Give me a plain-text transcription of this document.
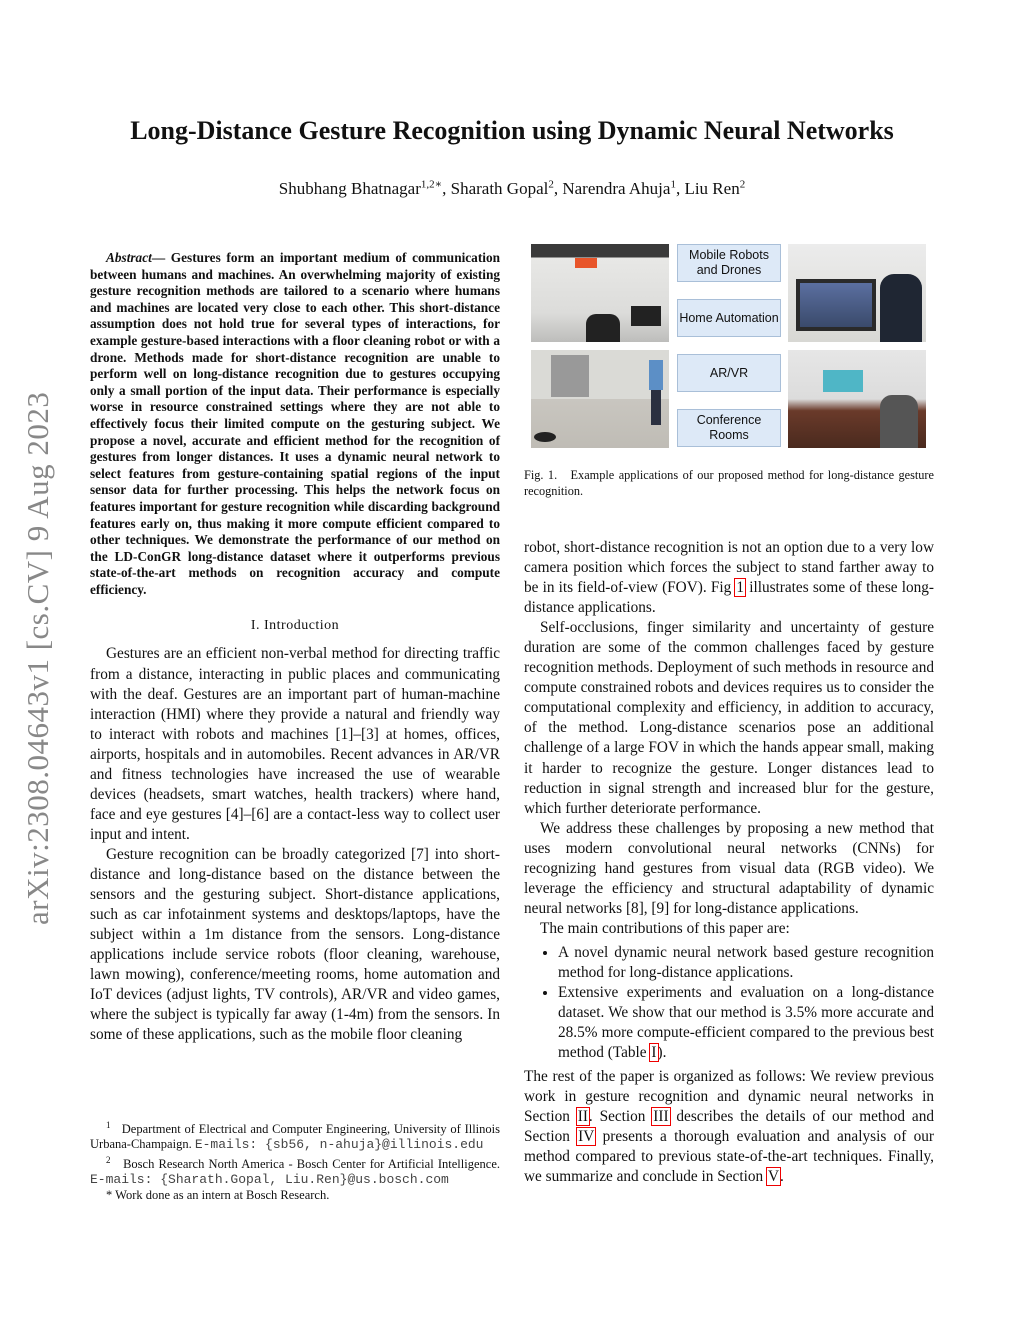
Long-Distance Gesture Recognition using Dynamic Neural Networks
Shubhang Bhatnagar$^{1,2∗}$, Sharath Gopal$^2$, Narendra Ahuja$^1$, Liu Ren$^2$
arXiv:2308.04643v1 [cs.CV] 9 Aug 2023

Abstract— Gestures form an important medium of communication between humans and machines. An overwhelming majority of existing gesture recognition methods are tailored to a scenario where humans and machines are located very close to each other. This short-distance assumption does not hold true for several types of interactions, for example gesture-based interactions with a floor cleaning robot or with a drone. Methods made for short-distance recognition are unable to perform well on long-distance recognition due to gestures occupying only a small portion of the input data. Their performance is especially worse in resource constrained settings where they are not able to effectively focus their limited compute on the gesturing subject. We propose a novel, accurate and efficient method for the recognition of gestures from longer distances. It uses a dynamic neural network to select features from gesture-containing spatial regions of the input sensor data for further processing. This helps the network focus on features important for gesture recognition while discarding background features early on, thus making it more compute efficient compared to other techniques. We demonstrate the performance of our method on the LD-ConGR long-distance dataset where it outperforms previous state-of-the-art methods on recognition accuracy and compute efficiency.

I. Introduction

Gestures are an efficient non-verbal method for directing traffic from a distance, interacting in public places and communicating with the deaf. Gestures are an important part of human-machine interaction (HMI) where they provide a natural and friendly way to interact with robots and machines [1]–[3] at homes, offices, airports, hospitals and in automobiles. Recent advances in AR/VR and fitness technologies have increased the use of wearable devices (headsets, smart watches, health trackers) where hand, face and eye gestures [4]–[6] are a contact-less way to collect user input and intent.

Gesture recognition can be broadly categorized [7] into short-distance and long-distance based on the distance between the sensors and the gesturing subject. Short-distance applications, such as car infotainment systems and desktops/laptops, have the subject within a 1m distance from the sensors. Long-distance applications include service robots (floor cleaning, warehouse, lawn mowing), conference/meeting rooms, home automation and IoT devices (adjust lights, TV controls), AR/VR and video games, where the subject is typically far away (1-4m) from the sensors. In some of these applications, such as the mobile floor cleaning

Mobile Robots and Drones
Home Automation
AR/VR
Conference Rooms
Fig. 1. Example applications of our proposed method for long-distance gesture recognition.

robot, short-distance recognition is not an option due to a very low camera position which forces the subject to stand farther away to be in its field-of-view (FOV). Fig 1 illustrates some of these long-distance applications.

Self-occlusions, finger similarity and uncertainty of gesture duration are some of the common challenges faced by gesture recognition methods. Deployment of such methods in resource and compute constrained robots and devices requires us to consider the computational complexity and efficiency, in addition to accuracy, of the method. Long-distance scenarios pose an additional challenge of a large FOV in which the hands appear small, making it harder to recognize the gesture. Longer distances lead to reduction in signal strength and increased blur for the gesture, which further deteriorate performance.

We address these challenges by proposing a new method that uses modern convolutional neural networks (CNNs) for recognizing hand gestures from visual data (RGB video). We leverage the efficiency and structural adaptability of dynamic neural networks [8], [9] for long-distance applications.

The main contributions of this paper are:

• A novel dynamic neural network based gesture recognition method for long-distance applications.
• Extensive experiments and evaluation on a long-distance dataset. We show that our method is 3.5% more accurate and 28.5% more compute-efficient compared to the previous best method (Table I).

The rest of the paper is organized as follows: We review previous work in gesture recognition and dynamic neural networks in Section II. Section III describes the details of our method and Section IV presents a thorough evaluation and analysis of our method compared to previous state-of-the-art techniques. Finally, we summarize and conclude in Section V.

$^1$ Department of Electrical and Computer Engineering, University of Illinois Urbana-Champaign. E-mails: {sb56, n-ahuja}@illinois.edu
$^2$ Bosch Research North America - Bosch Center for Artificial Intelligence. E-mails: {Sharath.Gopal, Liu.Ren}@us.bosch.com
* Work done as an intern at Bosch Research.
